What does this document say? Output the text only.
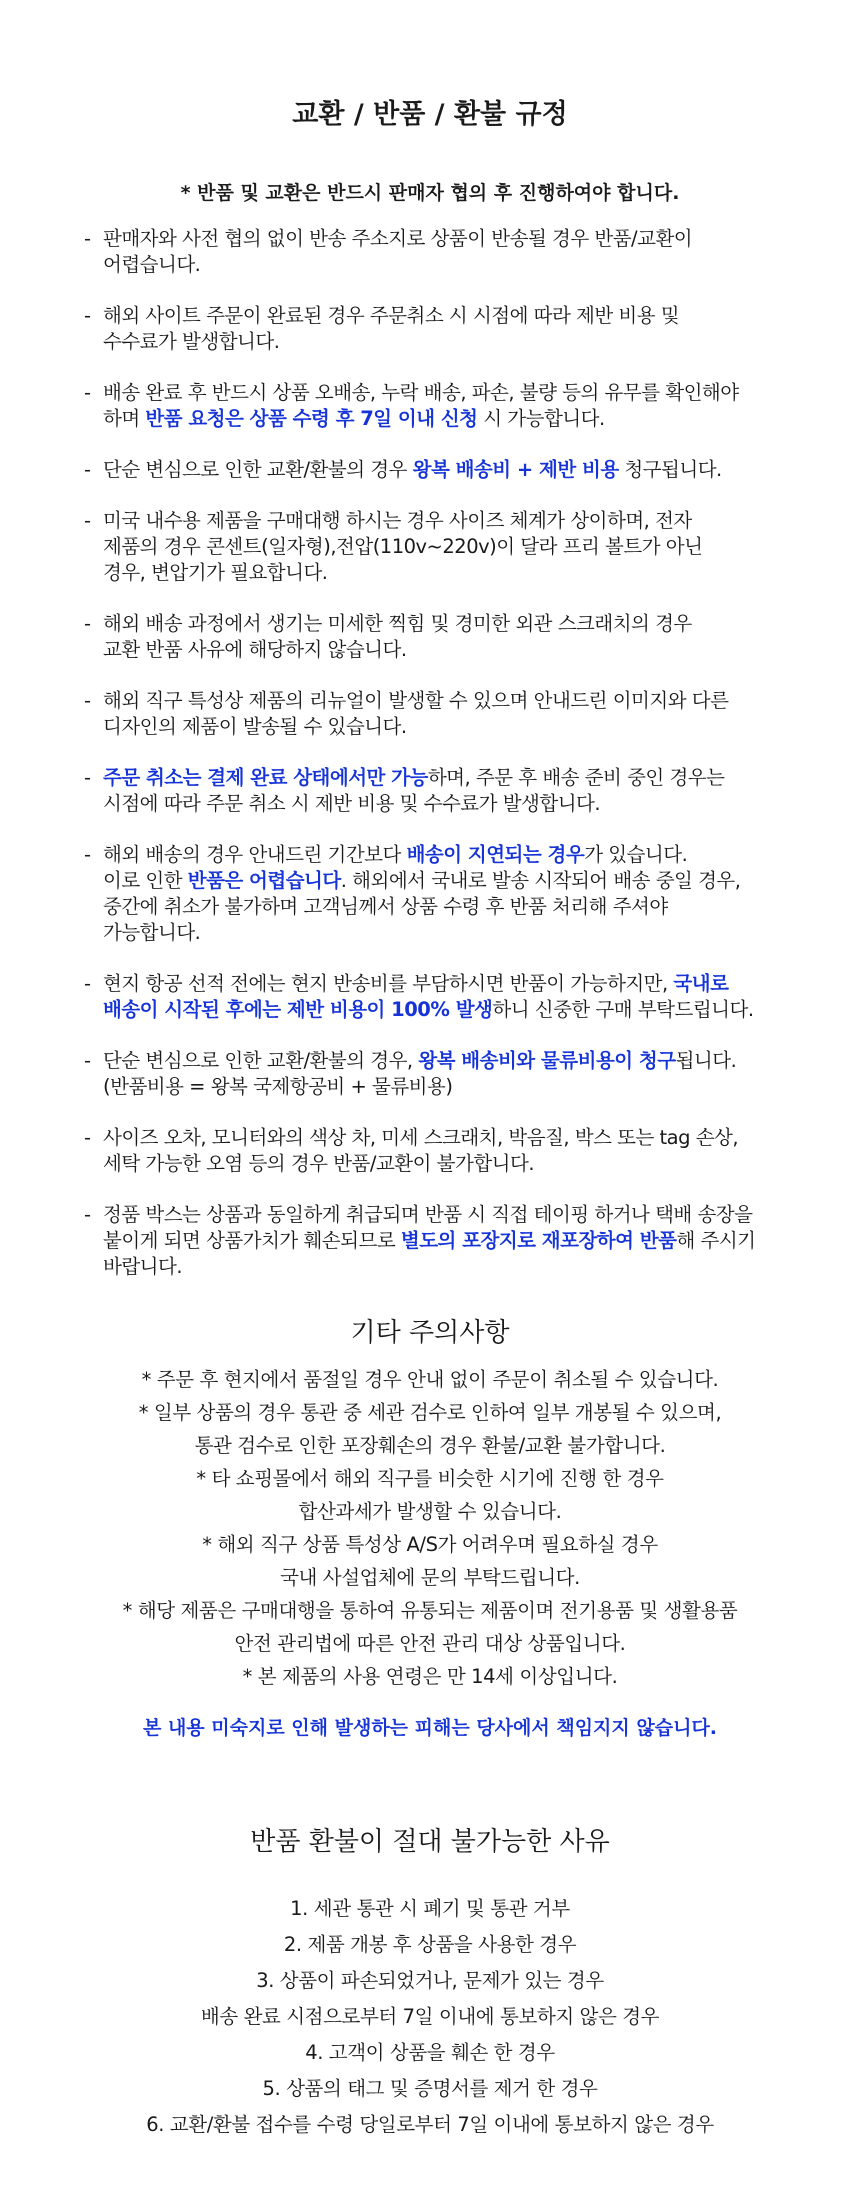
교환 / 반품 / 환불 규정

* 반품 및 교환은 반드시 판매자 협의 후 진행하여야 합니다.

- 판매자와 사전 협의 없이 반송 주소지로 상품이 반송될 경우 반품/교환이
어렵습니다.
- 해외 사이트 주문이 완료된 경우 주문취소 시 시점에 따라 제반 비용 및
수수료가 발생합니다.
- 배송 완료 후 반드시 상품 오배송, 누락 배송, 파손, 불량 등의 유무를 확인해야
하며 반품 요청은 상품 수령 후 7일 이내 신청 시 가능합니다.
- 단순 변심으로 인한 교환/환불의 경우 왕복 배송비 + 제반 비용 청구됩니다.
- 미국 내수용 제품을 구매대행 하시는 경우 사이즈 체계가 상이하며, 전자
제품의 경우 콘센트(일자형),전압(110v~220v)이 달라 프리 볼트가 아닌
경우, 변압기가 필요합니다.
- 해외 배송 과정에서 생기는 미세한 찍힘 및 경미한 외관 스크래치의 경우
교환 반품 사유에 해당하지 않습니다.
- 해외 직구 특성상 제품의 리뉴얼이 발생할 수 있으며 안내드린 이미지와 다른
디자인의 제품이 발송될 수 있습니다.
- 주문 취소는 결제 완료 상태에서만 가능하며, 주문 후 배송 준비 중인 경우는
시점에 따라 주문 취소 시 제반 비용 및 수수료가 발생합니다.
- 해외 배송의 경우 안내드린 기간보다 배송이 지연되는 경우가 있습니다.
이로 인한 반품은 어렵습니다. 해외에서 국내로 발송 시작되어 배송 중일 경우,
중간에 취소가 불가하며 고객님께서 상품 수령 후 반품 처리해 주셔야
가능합니다.
- 현지 항공 선적 전에는 현지 반송비를 부담하시면 반품이 가능하지만, 국내로
배송이 시작된 후에는 제반 비용이 100% 발생하니 신중한 구매 부탁드립니다.
- 단순 변심으로 인한 교환/환불의 경우, 왕복 배송비와 물류비용이 청구됩니다.
(반품비용 = 왕복 국제항공비 + 물류비용)
- 사이즈 오차, 모니터와의 색상 차, 미세 스크래치, 박음질, 박스 또는 tag 손상,
세탁 가능한 오염 등의 경우 반품/교환이 불가합니다.
- 정품 박스는 상품과 동일하게 취급되며 반품 시 직접 테이핑 하거나 택배 송장을
붙이게 되면 상품가치가 훼손되므로 별도의 포장지로 재포장하여 반품해 주시기
바랍니다.
기타 주의사항

* 주문 후 현지에서 품절일 경우 안내 없이 주문이 취소될 수 있습니다.

* 일부 상품의 경우 통관 중 세관 검수로 인하여 일부 개봉될 수 있으며,

통관 검수로 인한 포장훼손의 경우 환불/교환 불가합니다.

* 타 쇼핑몰에서 해외 직구를 비슷한 시기에 진행 한 경우

합산과세가 발생할 수 있습니다.

* 해외 직구 상품 특성상 A/S가 어려우며 필요하실 경우

국내 사설업체에 문의 부탁드립니다.

* 해당 제품은 구매대행을 통하여 유통되는 제품이며 전기용품 및 생활용품

안전 관리법에 따른 안전 관리 대상 상품입니다.

* 본 제품의 사용 연령은 만 14세 이상입니다.

본 내용 미숙지로 인해 발생하는 피해는 당사에서 책임지지 않습니다.

반품 환불이 절대 불가능한 사유

1. 세관 통관 시 폐기 및 통관 거부

2. 제품 개봉 후 상품을 사용한 경우

3. 상품이 파손되었거나, 문제가 있는 경우

배송 완료 시점으로부터 7일 이내에 통보하지 않은 경우

4. 고객이 상품을 훼손 한 경우

5. 상품의 태그 및 증명서를 제거 한 경우

6. 교환/환불 접수를 수령 당일로부터 7일 이내에 통보하지 않은 경우
